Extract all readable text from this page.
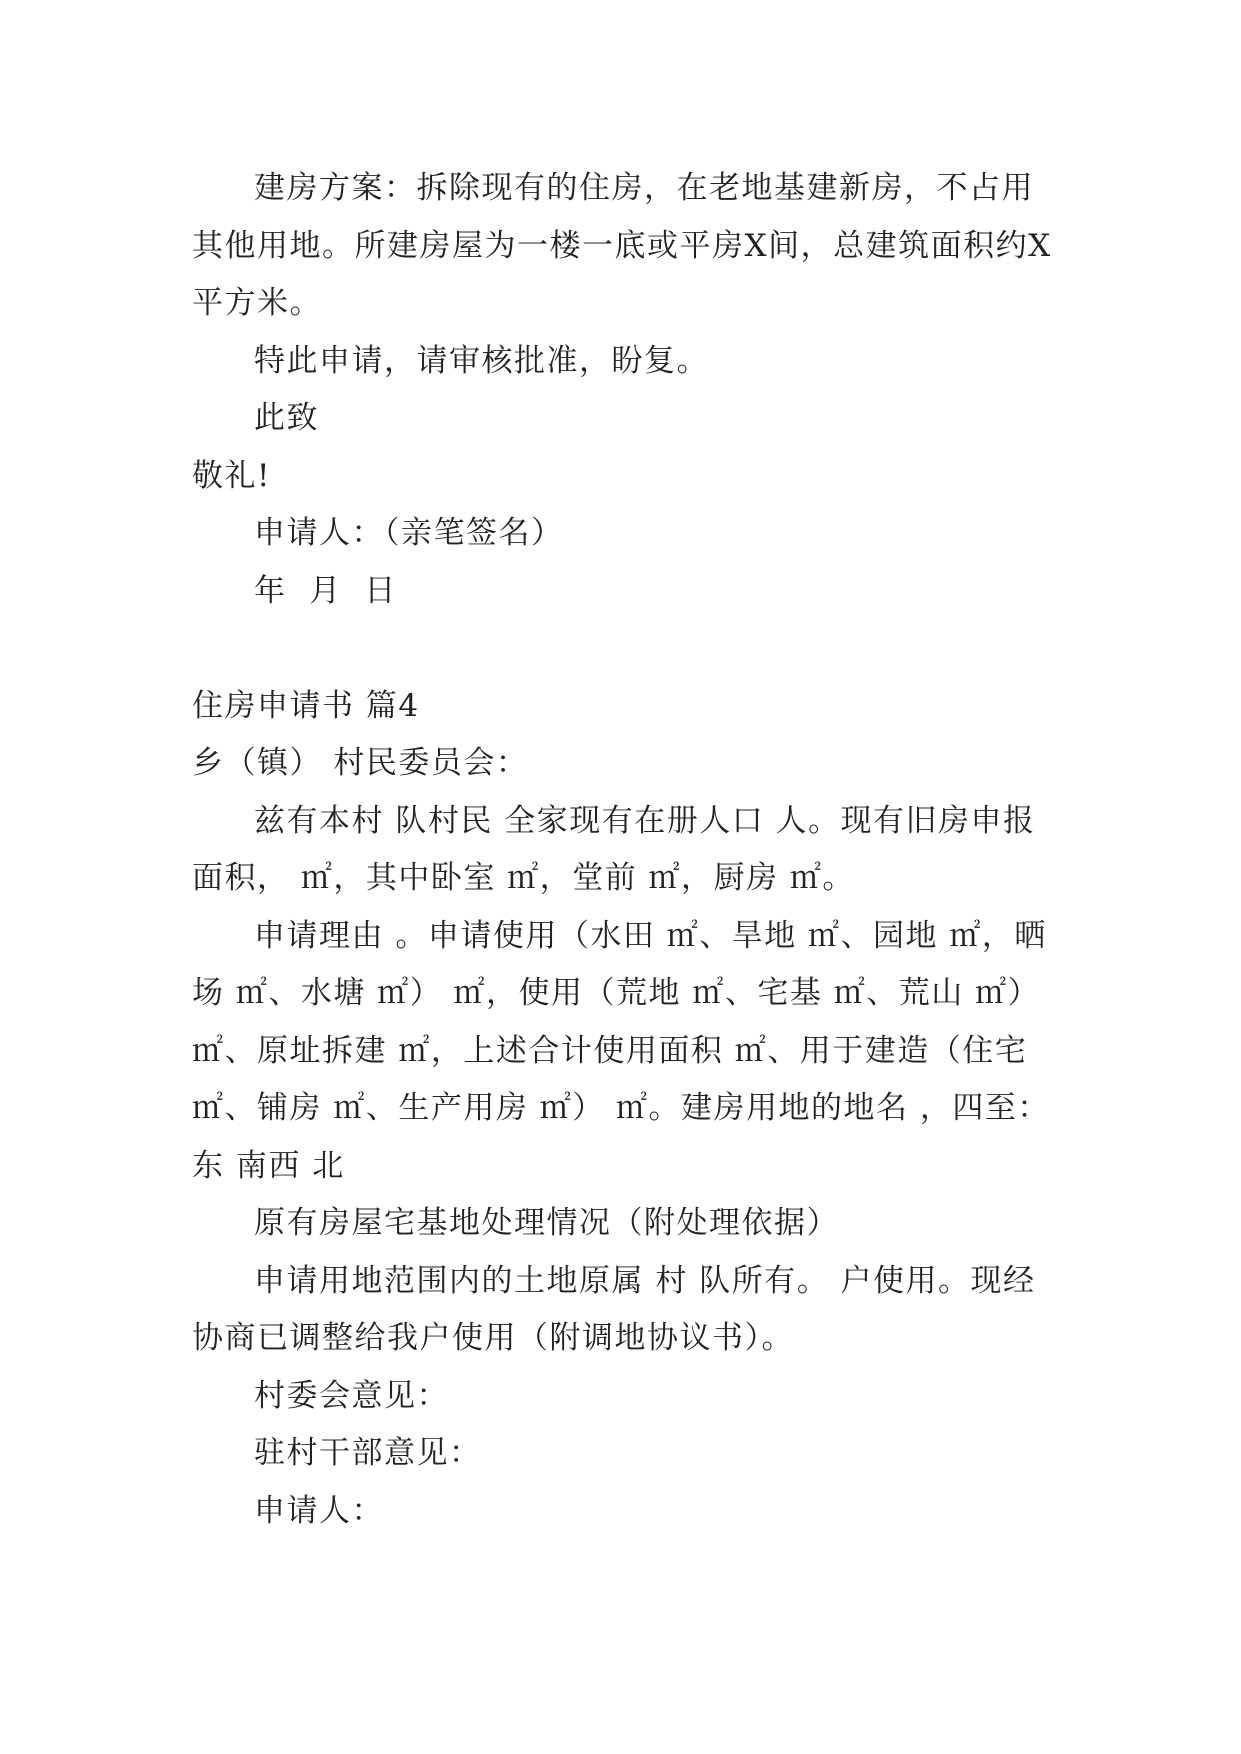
建房方案：拆除现有的住房，在老地基建新房，不占用其他用地。所建房屋为一楼一底或平房X间，总建筑面积约X平方米。

特此申请，请审核批准，盼复。

此致

敬礼!

申请人：（亲笔签名）

年  月  日

住房申请书 篇4

乡（镇） 村民委员会：

兹有本村 队村民 全家现有在册人口 人。现有旧房申报面积， ㎡，其中卧室 ㎡，堂前 ㎡，厨房 ㎡。

申请理由 。申请使用（水田 ㎡、旱地 ㎡、园地 ㎡，晒场 ㎡、水塘 ㎡） ㎡，使用（荒地 ㎡、宅基 ㎡、荒山 ㎡） ㎡、原址拆建 ㎡，上述合计使用面积 ㎡、用于建造（住宅 ㎡、铺房 ㎡、生产用房 ㎡） ㎡。建房用地的地名 ，四至：东 南西 北

原有房屋宅基地处理情况（附处理依据）

申请用地范围内的土地原属 村 队所有。 户使用。现经协商已调整给我户使用（附调地协议书）。

村委会意见：

驻村干部意见：

申请人：
